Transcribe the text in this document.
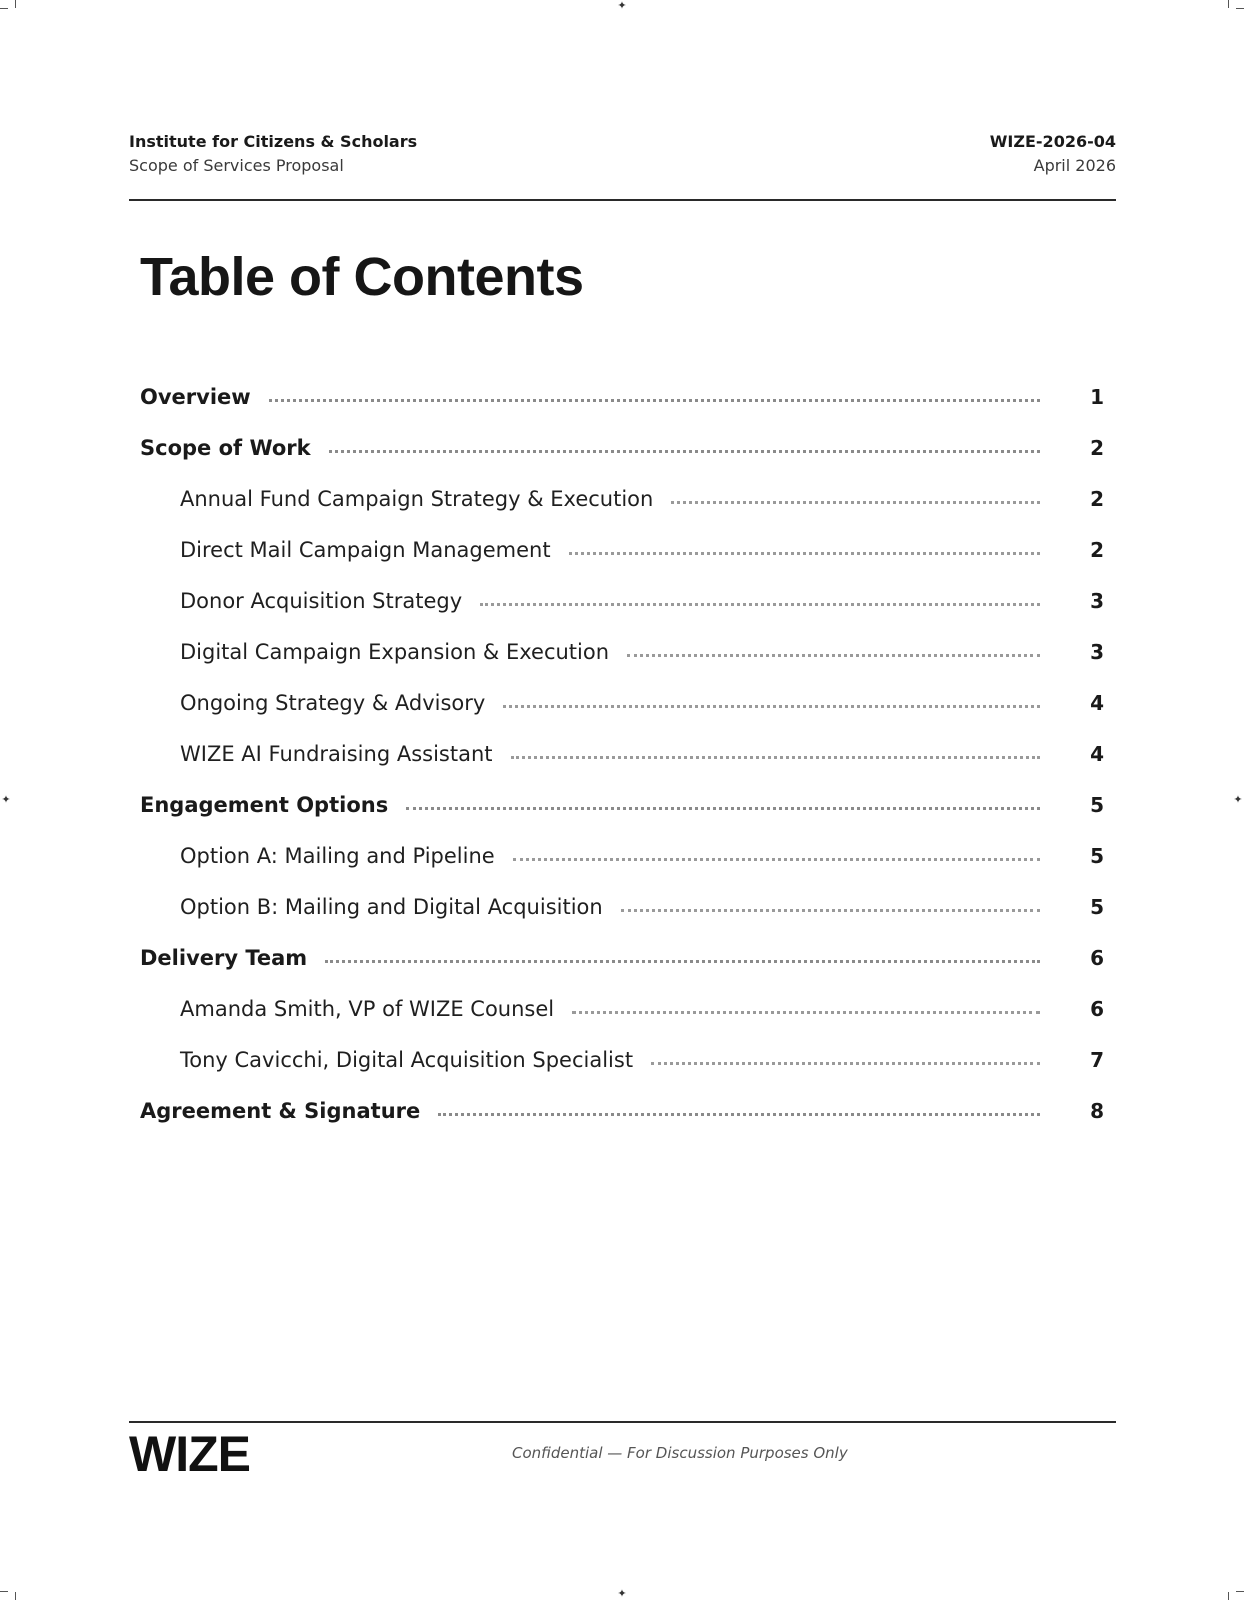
✦
✦
✦	✦
Institute for Citizens & Scholars
Scope of Services Proposal
WIZE-2026-04
April 2026
Table of Contents
Overview	1
Scope of Work	2
Annual Fund Campaign Strategy & Execution	2
Direct Mail Campaign Management	2
Donor Acquisition Strategy	3
Digital Campaign Expansion & Execution	3
Ongoing Strategy & Advisory	4
WIZE AI Fundraising Assistant	4
Engagement Options	5
Option A: Mailing and Pipeline	5
Option B: Mailing and Digital Acquisition	5
Delivery Team	6
Amanda Smith, VP of WIZE Counsel	6
Tony Cavicchi, Digital Acquisition Specialist	7
Agreement & Signature	8
WIZE	Confidential — For Discussion Purposes Only
